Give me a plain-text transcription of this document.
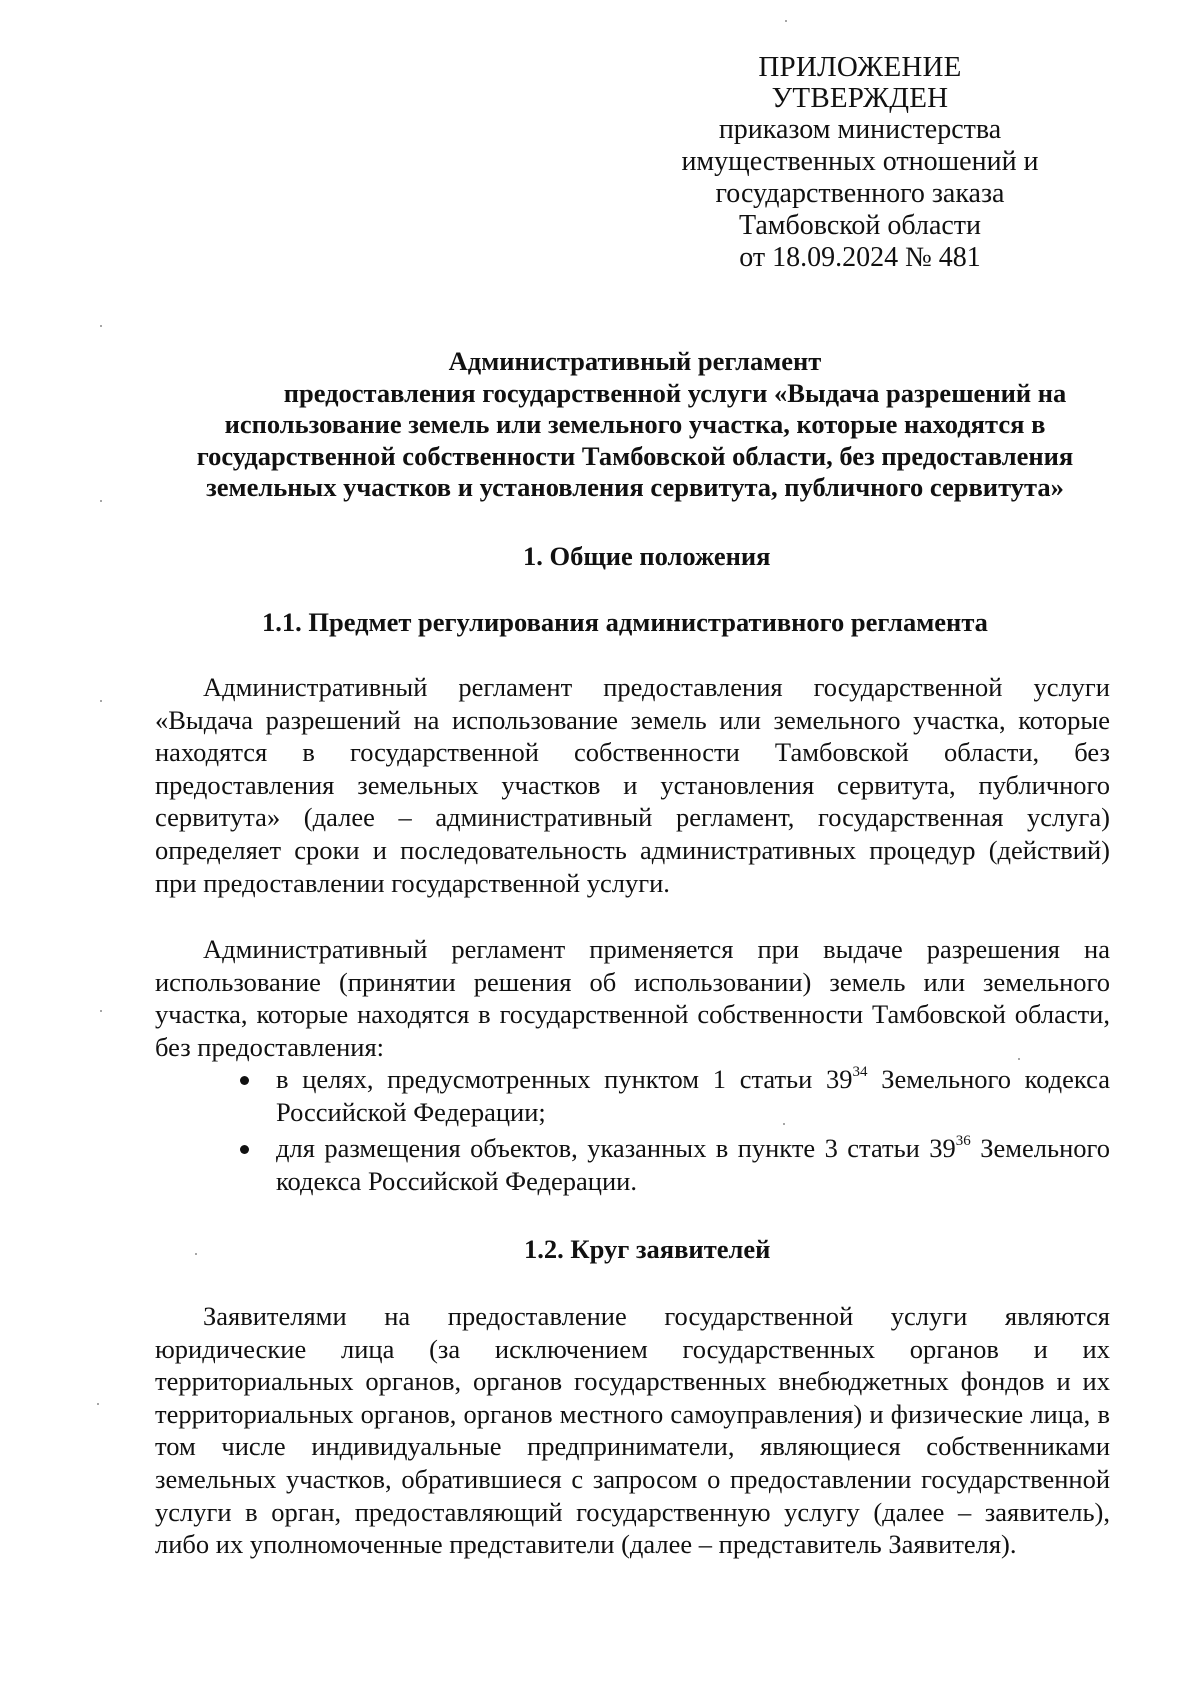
ПРИЛОЖЕНИЕ
УТВЕРЖДЕН
приказом министерства
имущественных отношений и
государственного заказа
Тамбовской области
от 18.09.2024 № 481
Административный регламент
предоставления государственной услуги «Выдача разрешений на
использование земель или земельного участка, которые находятся в
государственной собственности Тамбовской области, без предоставления
земельных участков и установления сервитута, публичного сервитута»
1. Общие положения
1.1. Предмет регулирования административного регламента

Административный регламент предоставления государственной услуги «Выдача разрешений на использование земель или земельного участка, которые находятся в государственной собственности Тамбовской области, без предоставления земельных участков и установления сервитута, публичного сервитута» (далее – административный регламент, государственная услуга) определяет сроки и последовательность административных процедур (действий) при предоставлении государственной услуги.

Административный регламент применяется при выдаче разрешения на использование (принятии решения об использовании) земель или земельного участка, которые находятся в государственной собственности Тамбовской области, без предоставления:

в целях, предусмотренных пунктом 1 статьи $39^{34}$ Земельного кодекса Российской Федерации;
для размещения объектов, указанных в пункте 3 статьи $39^{36}$ Земельного кодекса Российской Федерации.
1.2. Круг заявителей

Заявителями на предоставление государственной услуги являются юридические лица (за исключением государственных органов и их территориальных органов, органов государственных внебюджетных фондов и их территориальных органов, органов местного самоуправления) и физические лица, в том числе индивидуальные предприниматели, являющиеся собственниками земельных участков, обратившиеся с запросом о предоставлении государственной услуги в орган, предоставляющий государственную услугу (далее – заявитель), либо их уполномоченные представители (далее – представитель Заявителя).
